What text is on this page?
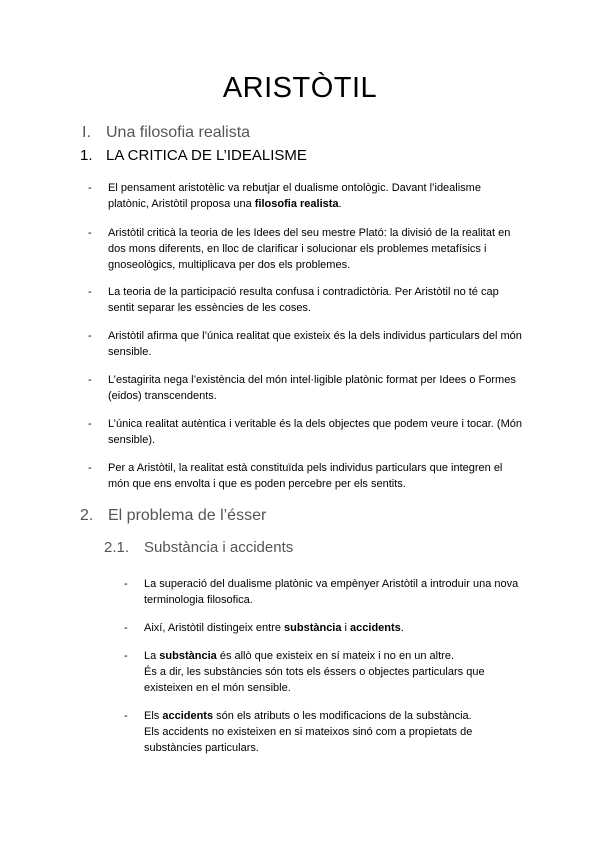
ARISTÒTIL
I. Una filosofia realista
1. LA CRITICA DE L’IDEALISME
- El pensament aristotèlic va rebutjar el dualisme ontològic. Davant l’idealisme
platònic, Aristòtil proposa una filosofia realista.
- Aristòtil criticà la teoria de les Idees del seu mestre Plató: la divisió de la realitat en
dos mons diferents, en lloc de clarificar i solucionar els problemes metafísics i
gnoseològics, multiplicava per dos els problemes.
- La teoria de la participació resulta confusa i contradictòria. Per Aristòtil no té cap
sentit separar les essències de les coses.
- Aristòtil afirma que l’única realitat que existeix és la dels individus particulars del món
sensible.
- L’estagirita nega l’existència del món intel·ligible platònic format per Idees o Formes
(eidos) transcendents.
- L’única realitat autèntica i veritable és la dels objectes que podem veure i tocar. (Món
sensible).
- Per a Aristòtil, la realitat està constituïda pels individus particulars que integren el
món que ens envolta i que es poden percebre per els sentits.
2. El problema de l’ésser
2.1. Substància i accidents
- La superació del dualisme platònic va empènyer Aristòtil a introduir una nova
terminologia filosofica.
- Així, Aristòtil distingeix entre substància i accidents.
- La substància és allò que existeix en sí mateix i no en un altre.
És a dir, les substàncies són tots els éssers o objectes particulars que
existeixen en el món sensible.
- Els accidents són els atributs o les modificacions de la substància.
Els accidents no existeixen en si mateixos sinó com a propietats de
substàncies particulars.
